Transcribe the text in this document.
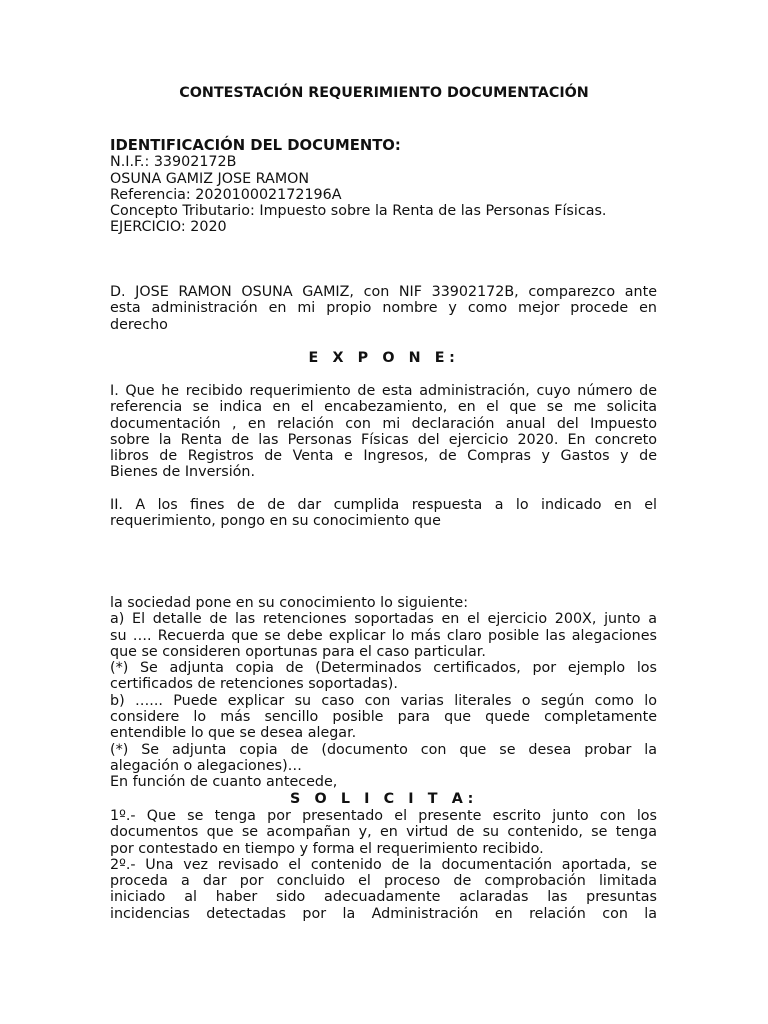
CONTESTACIÓN REQUERIMIENTO DOCUMENTACIÓN
IDENTIFICACIÓN DEL DOCUMENTO:
N.I.F.: 33902172B
OSUNA GAMIZ JOSE RAMON
Referencia: 202010002172196A
Concepto Tributario: Impuesto sobre la Renta de las Personas Físicas.
EJERCICIO: 2020
D. JOSE RAMON OSUNA GAMIZ, con NIF 33902172B, comparezco ante
esta administración en mi propio nombre y como mejor procede en
derecho
E X P O N E:
I. Que he recibido requerimiento de esta administración, cuyo número de
referencia se indica en el encabezamiento, en el que se me solicita
documentación , en relación con mi declaración anual del Impuesto
sobre la Renta de las Personas Físicas del ejercicio 2020. En concreto
libros de Registros de Venta e Ingresos, de Compras y Gastos y de
Bienes de Inversión.
II. A los fines de de dar cumplida respuesta a lo indicado en el
requerimiento, pongo en su conocimiento que
la sociedad pone en su conocimiento lo siguiente:
a) El detalle de las retenciones soportadas en el ejercicio 200X, junto a
su …. Recuerda que se debe explicar lo más claro posible las alegaciones
que se consideren oportunas para el caso particular.
(*) Se adjunta copia de (Determinados certificados, por ejemplo los
certificados de retenciones soportadas).
b) …... Puede explicar su caso con varias literales o según como lo
considere lo más sencillo posible para que quede completamente
entendible lo que se desea alegar.
(*) Se adjunta copia de (documento con que se desea probar la
alegación o alegaciones)…
En función de cuanto antecede,
S O L I C I T A:
1º.- Que se tenga por presentado el presente escrito junto con los
documentos que se acompañan y, en virtud de su contenido, se tenga
por contestado en tiempo y forma el requerimiento recibido.
2º.- Una vez revisado el contenido de la documentación aportada, se
proceda a dar por concluido el proceso de comprobación limitada
iniciado al haber sido adecuadamente aclaradas las presuntas
incidencias detectadas por la Administración en relación con la
